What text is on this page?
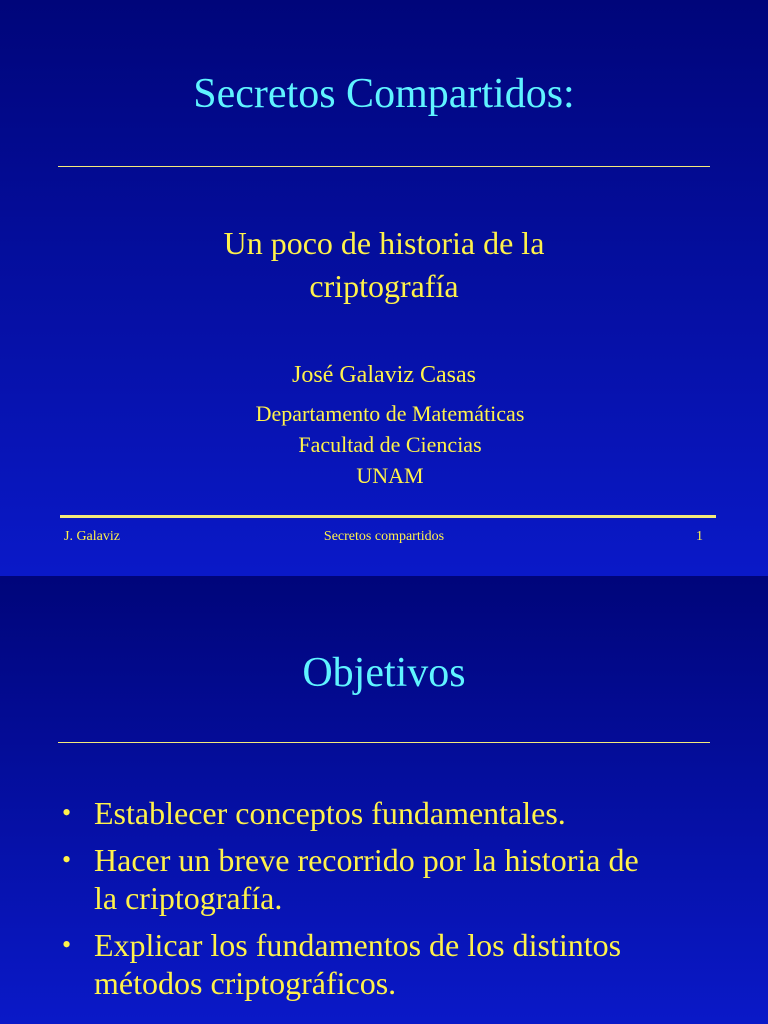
Secretos Compartidos:
Un poco de historia de la
criptografía
José Galaviz Casas
Departamento de Matemáticas
Facultad de Ciencias
UNAM
J. Galaviz	Secretos compartidos	1
Objetivos
• Establecer conceptos fundamentales.
• Hacer un breve recorrido por la historia de
la criptografía.
• Explicar los fundamentos de los distintos
métodos criptográficos.
